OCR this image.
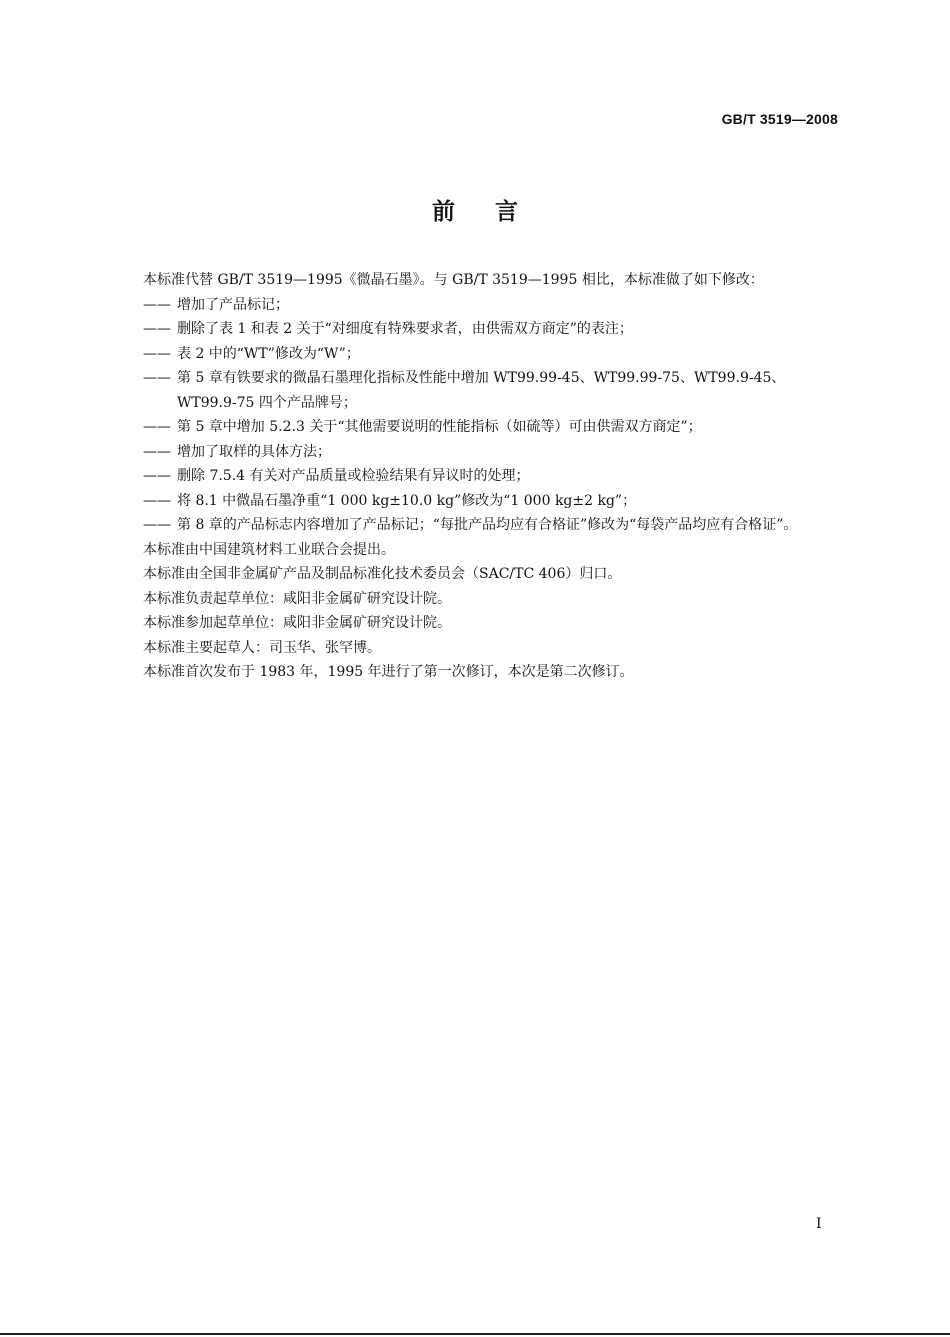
GB/T 3519—2008
前言

本标准代替 GB/T 3519—1995《微晶石墨》。与 GB/T 3519—1995 相比，本标准做了如下修改：

—— 增加了产品标记；
—— 删除了表 1 和表 2 关于“对细度有特殊要求者，由供需双方商定”的表注；
—— 表 2 中的“WT”修改为“W”；
—— 第 5 章有铁要求的微晶石墨理化指标及性能中增加 WT99.99-45、WT99.99-75、WT99.9-45、WT99.9-75 四个产品牌号；
—— 第 5 章中增加 5.2.3 关于“其他需要说明的性能指标（如硫等）可由供需双方商定”；
—— 增加了取样的具体方法；
—— 删除 7.5.4 有关对产品质量或检验结果有异议时的处理；
—— 将 8.1 中微晶石墨净重“1 000 kg±10.0 kg”修改为“1 000 kg±2 kg”；
—— 第 8 章的产品标志内容增加了产品标记；“每批产品均应有合格证”修改为“每袋产品均应有合格证”。

本标准由中国建筑材料工业联合会提出。

本标准由全国非金属矿产品及制品标准化技术委员会（SAC/TC 406）归口。

本标准负责起草单位：咸阳非金属矿研究设计院。

本标准参加起草单位：咸阳非金属矿研究设计院。

本标准主要起草人：司玉华、张罕博。

本标准首次发布于 1983 年，1995 年进行了第一次修订，本次是第二次修订。

I
